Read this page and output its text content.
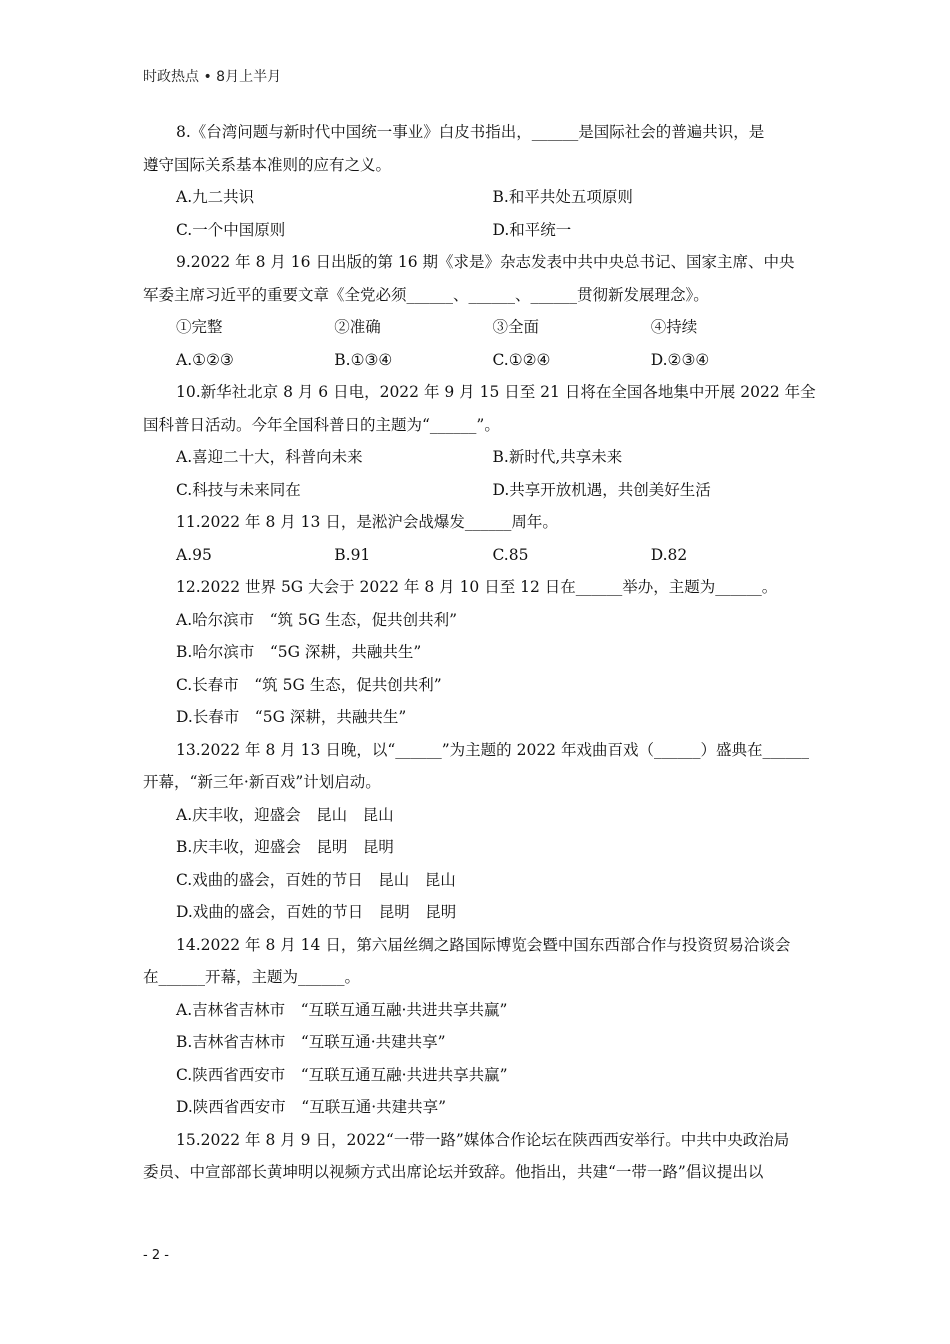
时政热点 • 8月上半月
8.《台湾问题与新时代中国统一事业》白皮书指出，______是国际社会的普遍共识，是
遵守国际关系基本准则的应有之义。
A.九二共识	B.和平共处五项原则
C.一个中国原则	D.和平统一
9.2022 年 8 月 16 日出版的第 16 期《求是》杂志发表中共中央总书记、国家主席、中央
军委主席习近平的重要文章《全党必须______、______、______贯彻新发展理念》。
①完整	②准确	③全面	④持续
A.①②③	B.①③④	C.①②④	D.②③④
10.新华社北京 8 月 6 日电，2022 年 9 月 15 日至 21 日将在全国各地集中开展 2022 年全
国科普日活动。今年全国科普日的主题为“______”。
A.喜迎二十大，科普向未来	B.新时代,共享未来
C.科技与未来同在	D.共享开放机遇，共创美好生活
11.2022 年 8 月 13 日，是淞沪会战爆发______周年。
A.95	B.91	C.85	D.82
12.2022 世界 5G 大会于 2022 年 8 月 10 日至 12 日在______举办，主题为______。
A.哈尔滨市　“筑 5G 生态，促共创共利”
B.哈尔滨市　“5G 深耕，共融共生”
C.长春市　“筑 5G 生态，促共创共利”
D.长春市　“5G 深耕，共融共生”
13.2022 年 8 月 13 日晚，以“______”为主题的 2022 年戏曲百戏（______）盛典在______
开幕，“新三年·新百戏”计划启动。
A.庆丰收，迎盛会　昆山　昆山
B.庆丰收，迎盛会　昆明　昆明
C.戏曲的盛会，百姓的节日　昆山　昆山
D.戏曲的盛会，百姓的节日　昆明　昆明
14.2022 年 8 月 14 日，第六届丝绸之路国际博览会暨中国东西部合作与投资贸易洽谈会
在______开幕，主题为______。
A.吉林省吉林市　“互联互通互融·共进共享共赢”
B.吉林省吉林市　“互联互通·共建共享”
C.陕西省西安市　“互联互通互融·共进共享共赢”
D.陕西省西安市　“互联互通·共建共享”
15.2022 年 8 月 9 日，2022“一带一路”媒体合作论坛在陕西西安举行。中共中央政治局
委员、中宣部部长黄坤明以视频方式出席论坛并致辞。他指出，共建“一带一路”倡议提出以
- 2 -
